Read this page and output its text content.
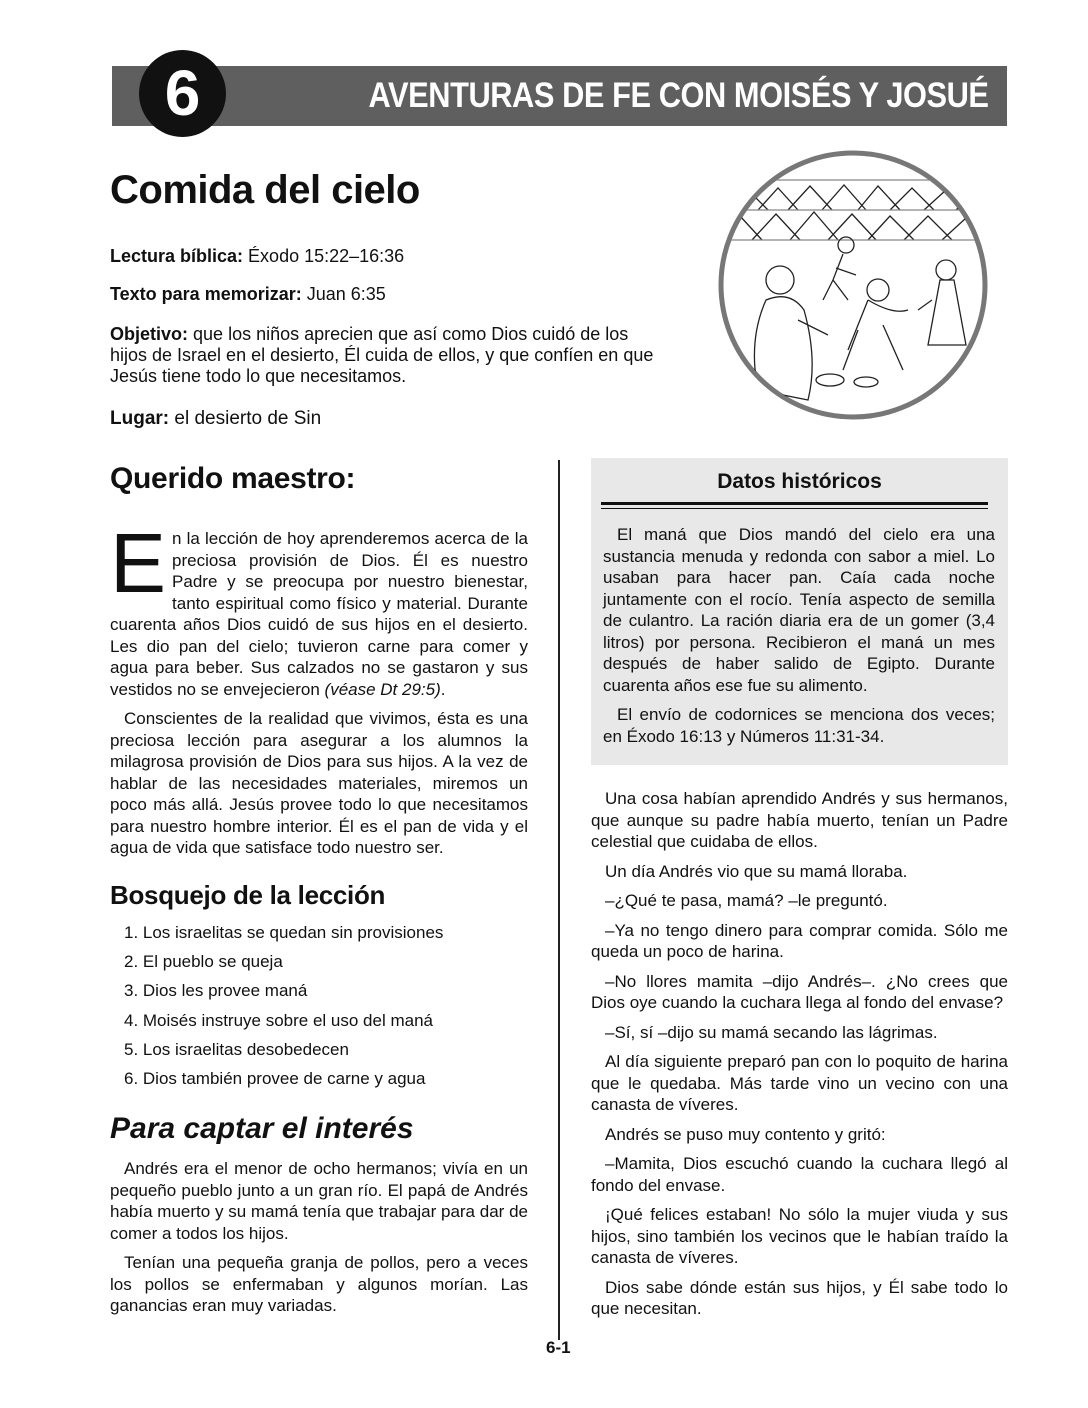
AVENTURAS DE FE CON MOISÉS Y JOSUÉ
6
Comida del cielo

Lectura bíblica: Éxodo 15:22–16:36

Texto para memorizar: Juan 6:35

Objetivo: que los niños aprecien que así como Dios cuidó de los hijos de Israel en el desierto, Él cuida de ellos, y que confíen en que Jesús tiene todo lo que necesitamos.

Lugar: el desierto de Sin

Querido maestro:

En la lección de hoy aprenderemos acerca de la preciosa provisión de Dios. Él es nuestro Padre y se preocupa por nuestro bienestar, tanto espiritual como físico y material. Durante cuarenta años Dios cuidó de sus hijos en el desierto. Les dio pan del cielo; tuvieron carne para comer y agua para beber. Sus calzados no se gastaron y sus vestidos no se envejecieron (véase Dt 29:5).

Conscientes de la realidad que vivimos, ésta es una preciosa lección para asegurar a los alumnos la milagrosa provisión de Dios para sus hijos. A la vez de hablar de las necesidades materiales, miremos un poco más allá. Jesús provee todo lo que necesitamos para nuestro hombre interior. Él es el pan de vida y el agua de vida que satisface todo nuestro ser.

Bosquejo de la lección
1. Los israelitas se quedan sin provisiones
2. El pueblo se queja
3. Dios les provee maná
4. Moisés instruye sobre el uso del maná
5. Los israelitas desobedecen
6. Dios también provee de carne y agua
Para captar el interés

Andrés era el menor de ocho hermanos; vivía en un pequeño pueblo junto a un gran río. El papá de Andrés había muerto y su mamá tenía que trabajar para dar de comer a todos los hijos.

Tenían una pequeña granja de pollos, pero a veces los pollos se enfermaban y algunos morían. Las ganancias eran muy variadas.

Datos históricos

El maná que Dios mandó del cielo era una sustancia menuda y redonda con sabor a miel. Lo usaban para hacer pan. Caía cada noche juntamente con el rocío. Tenía aspecto de semilla de culantro. La ración diaria era de un gomer (3,4 litros) por persona. Recibieron el maná un mes después de haber salido de Egipto. Durante cuarenta años ese fue su alimento.

El envío de codornices se menciona dos veces; en Éxodo 16:13 y Números 11:31-34.

Una cosa habían aprendido Andrés y sus hermanos, que aunque su padre había muerto, tenían un Padre celestial que cuidaba de ellos.

Un día Andrés vio que su mamá lloraba.

–¿Qué te pasa, mamá? –le preguntó.

–Ya no tengo dinero para comprar comida. Sólo me queda un poco de harina.

–No llores mamita –dijo Andrés–. ¿No crees que Dios oye cuando la cuchara llega al fondo del envase?

–Sí, sí –dijo su mamá secando las lágrimas.

Al día siguiente preparó pan con lo poquito de harina que le quedaba. Más tarde vino un vecino con una canasta de víveres.

Andrés se puso muy contento y gritó:

–Mamita, Dios escuchó cuando la cuchara llegó al fondo del envase.

¡Qué felices estaban! No sólo la mujer viuda y sus hijos, sino también los vecinos que le habían traído la canasta de víveres.

Dios sabe dónde están sus hijos, y Él sabe todo lo que necesitan.

6-1
